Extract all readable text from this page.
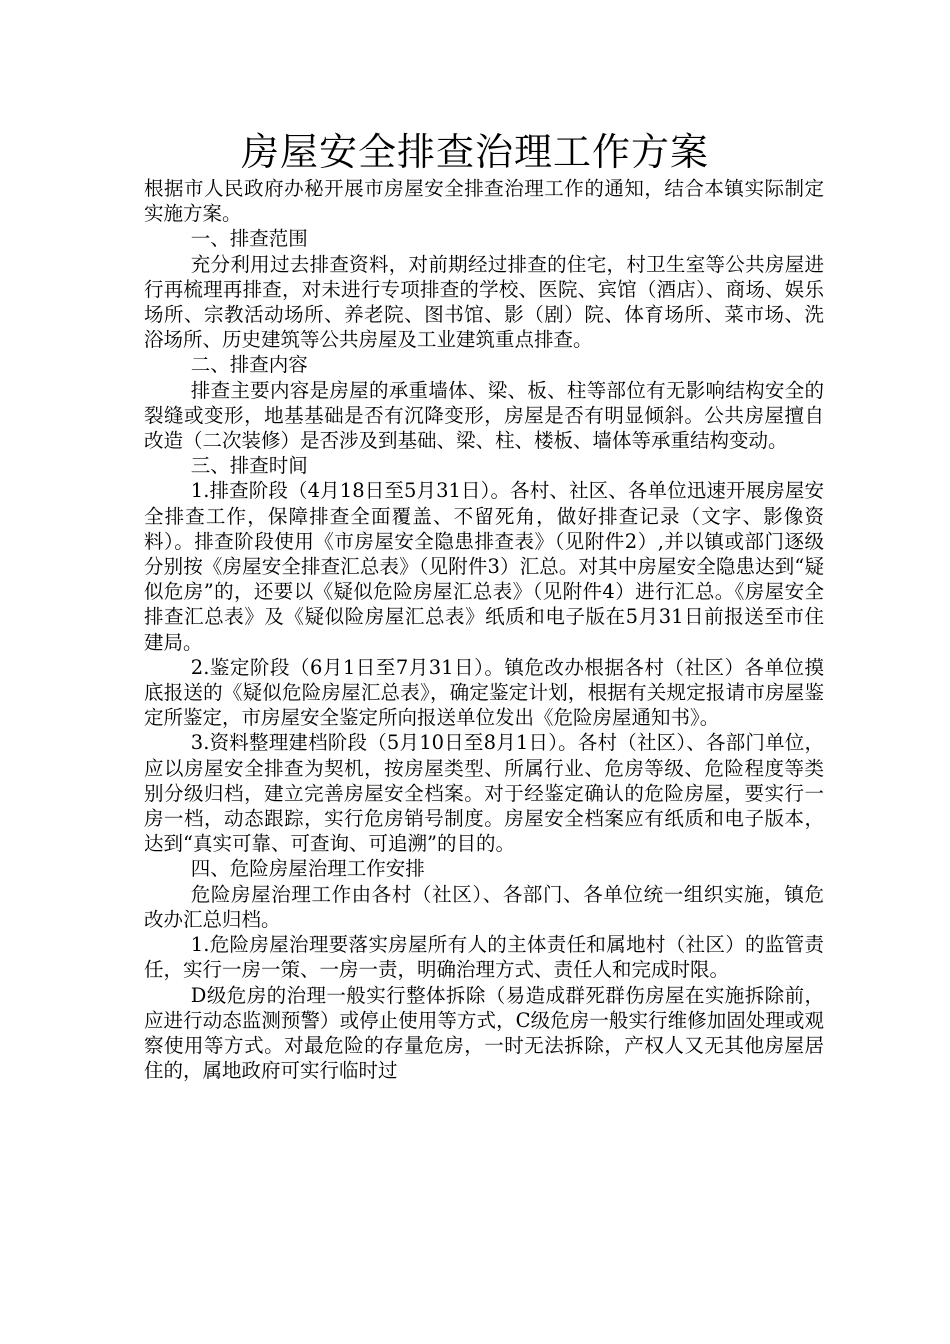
房屋安全排查治理工作方案

根据市人民政府办秘开展市房屋安全排查治理工作的通知，结合本镇实际制定实施方案。

一、排查范围

充分利用过去排查资料，对前期经过排查的住宅，村卫生室等公共房屋进行再梳理再排查，对未进行专项排查的学校、医院、宾馆（酒店）、商场、娱乐场所、宗教活动场所、养老院、图书馆、影（剧）院、体育场所、菜市场、洗浴场所、历史建筑等公共房屋及工业建筑重点排查。

二、排查内容

排查主要内容是房屋的承重墙体、梁、板、柱等部位有无影响结构安全的裂缝或变形，地基基础是否有沉降变形，房屋是否有明显倾斜。公共房屋擅自改造（二次装修）是否涉及到基础、梁、柱、楼板、墙体等承重结构变动。

三、排查时间

1.排查阶段（4月18日至5月31日）。各村、社区、各单位迅速开展房屋安全排查工作，保障排查全面覆盖、不留死角，做好排查记录（文字、影像资料）。排查阶段使用《市房屋安全隐患排查表》（见附件2）,并以镇或部门逐级分别按《房屋安全排查汇总表》（见附件3）汇总。对其中房屋安全隐患达到“疑似危房”的，还要以《疑似危险房屋汇总表》（见附件4）进行汇总。《房屋安全排查汇总表》及《疑似险房屋汇总表》纸质和电子版在5月31日前报送至市住建局。

2.鉴定阶段（6月1日至7月31日）。镇危改办根据各村（社区）各单位摸底报送的《疑似危险房屋汇总表》，确定鉴定计划，根据有关规定报请市房屋鉴定所鉴定，市房屋安全鉴定所向报送单位发出《危险房屋通知书》。

3.资料整理建档阶段（5月10日至8月1日）。各村（社区）、各部门单位，应以房屋安全排查为契机，按房屋类型、所属行业、危房等级、危险程度等类别分级归档，建立完善房屋安全档案。对于经鉴定确认的危险房屋，要实行一房一档，动态跟踪，实行危房销号制度。房屋安全档案应有纸质和电子版本，达到“真实可靠、可查询、可追溯”的目的。

四、危险房屋治理工作安排

危险房屋治理工作由各村（社区）、各部门、各单位统一组织实施，镇危改办汇总归档。

1.危险房屋治理要落实房屋所有人的主体责任和属地村（社区）的监管责任，实行一房一策、一房一责，明确治理方式、责任人和完成时限。

D级危房的治理一般实行整体拆除（易造成群死群伤房屋在实施拆除前，应进行动态监测预警）或停止使用等方式，C级危房一般实行维修加固处理或观察使用等方式。对最危险的存量危房，一时无法拆除，产权人又无其他房屋居住的，属地政府可实行临时过
